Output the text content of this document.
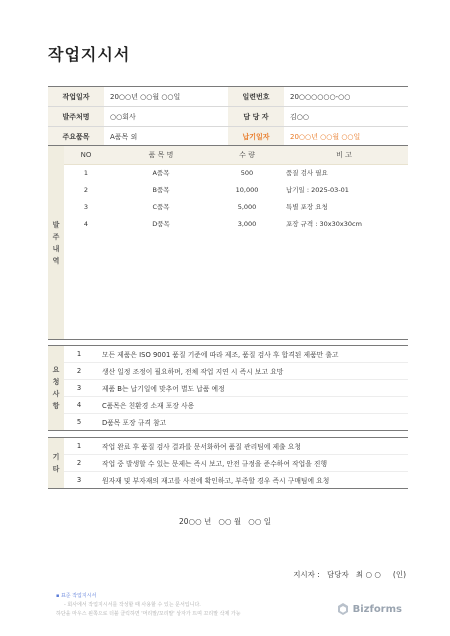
작업지시서
작업일자	20○○년 ○○월 ○○일	일련번호	20○○○○○○-○○
발주처명	○○회사	담 당 자	김○○
주요품목	A품목 외	납기일자	20○○년 ○○월 ○○일
발
주
내
역
NO	품 목 명	수 량	비 고
1	A품목	500	품질 검사 필요
2	B품목	10,000	납기일 : 2025-03-01
3	C품목	5,000	특별 포장 요청
4	D품목	3,000	포장 규격 : 30x30x30cm
요
청
사
항
1	모든 제품은 ISO 9001 품질 기준에 따라 제조, 품질 검사 후 합격된 제품만 출고
2	생산 일정 조정이 필요하며, 전체 작업 지연 시 즉시 보고 요망
3	제품 B는 납기일에 맞추어 별도 납품 예정
4	C품목은 친환경 소재 포장 사용
5	D품목 포장 규격 참고
기
타
1	작업 완료 후 품질 검사 결과를 문서화하여 품질 관리팀에 제출 요청
2	작업 중 발생할 수 있는 문제는 즉시 보고, 안전 규정을 준수하여 작업을 진행
3	원자재 및 부자재의 재고를 사전에 확인하고, 부족할 경우 즉시 구매팀에 요청
20○○ 년   ○○ 월   ○○ 일
지시자 :   담당자   최 ○ ○     (인)
▪ 표준 작업지시서
- 회사에서 작업지시서를 작성할 때 사용할 수 있는 문서입니다.
하단을 마우스 왼쪽으로 더블 클릭하면 '머리말/꼬리말' 상자가 뜨며 꼬리말 삭제 가능	Bizforms
